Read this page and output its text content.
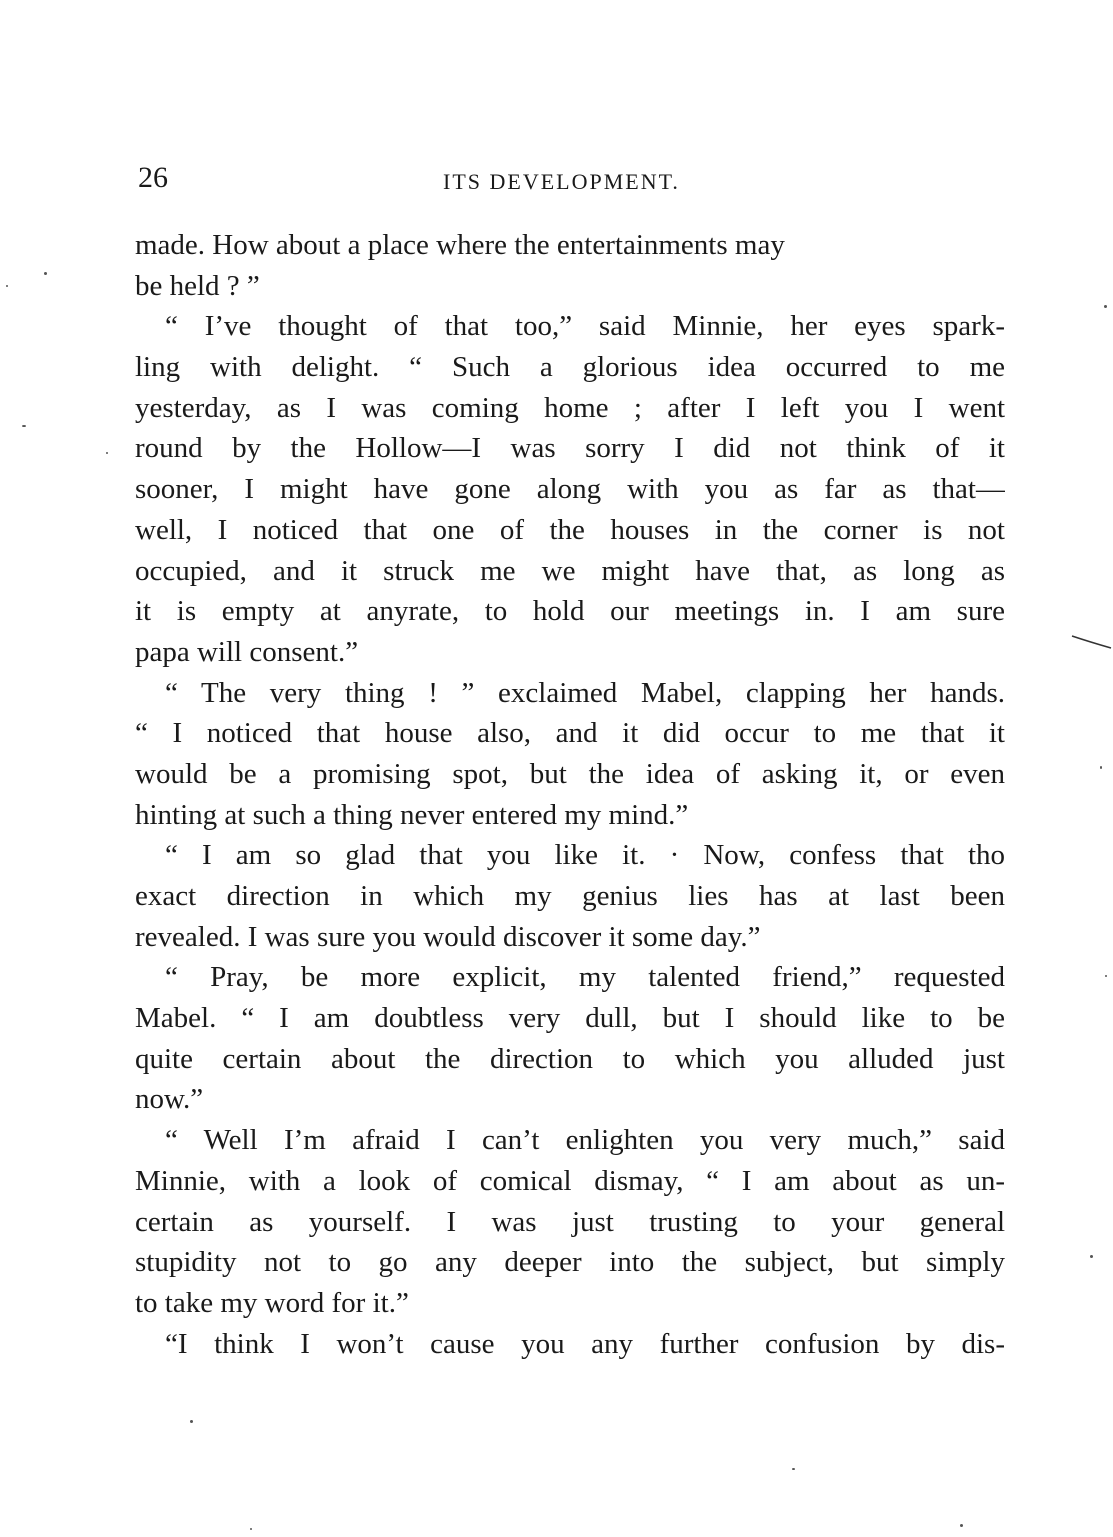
26	ITS DEVELOPMENT.
made. How about a place where the entertainments may
be held ? ”
“ I’ve thought of that too,” said Minnie, her eyes spark-
ling with delight. “ Such a glorious idea occurred to me
yesterday, as I was coming home ; after I left you I went
round by the Hollow—I was sorry I did not think of it
sooner, I might have gone along with you as far as that—
well, I noticed that one of the houses in the corner is not
occupied, and it struck me we might have that, as long as
it is empty at anyrate, to hold our meetings in. I am sure
papa will consent.”
“ The very thing ! ” exclaimed Mabel, clapping her hands.
“ I noticed that house also, and it did occur to me that it
would be a promising spot, but the idea of asking it, or even
hinting at such a thing never entered my mind.”
“ I am so glad that you like it. · Now, confess that tho
exact direction in which my genius lies has at last been
revealed. I was sure you would discover it some day.”
“ Pray, be more explicit, my talented friend,” requested
Mabel. “ I am doubtless very dull, but I should like to be
quite certain about the direction to which you alluded just
now.”
“ Well I’m afraid I can’t enlighten you very much,” said
Minnie, with a look of comical dismay, “ I am about as un-
certain as yourself. I was just trusting to your general
stupidity not to go any deeper into the subject, but simply
to take my word for it.”
“I think I won’t cause you any further confusion by dis-
